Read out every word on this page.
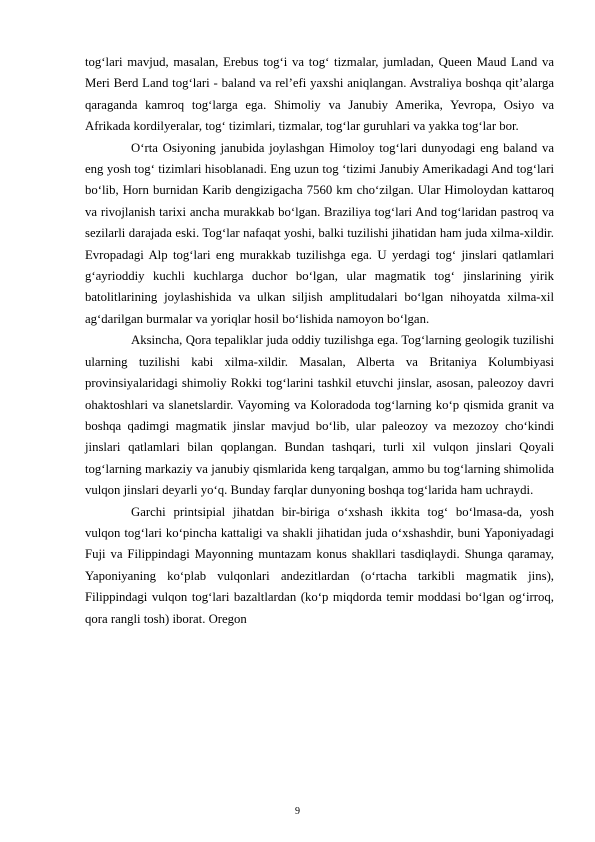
tog‘lari mavjud, masalan, Erebus tog‘i va tog‘ tizmalar, jumladan, Queen Maud Land va Meri Berd Land tog‘lari - baland va rel’efi yaxshi aniqlangan. Avstraliya boshqa qit’alarga qaraganda kamroq tog‘larga ega. Shimoliy va Janubiy Amerika, Yevropa, Osiyo va Afrikada kordilyeralar, tog‘ tizimlari, tizmalar, tog‘lar guruhlari va yakka tog‘lar bor.

O‘rta Osiyoning janubida joylashgan Himoloy tog‘lari dunyodagi eng baland va eng yosh tog‘ tizimlari hisoblanadi. Eng uzun tog ‘tizimi Janubiy Amerikadagi And tog‘lari bo‘lib, Horn burnidan Karib dengizigacha 7560 km cho‘zilgan. Ular Himoloydan kattaroq va rivojlanish tarixi ancha murakkab bo‘lgan. Braziliya tog‘lari And tog‘laridan pastroq va sezilarli darajada eski. Tog‘lar nafaqat yoshi, balki tuzilishi jihatidan ham juda xilma-xildir. Evropadagi Alp tog‘lari eng murakkab tuzilishga ega. U yerdagi tog‘ jinslari qatlamlari g‘ayrioddiy kuchli kuchlarga duchor bo‘lgan, ular magmatik tog‘ jinslarining yirik batolitlarining joylashishida va ulkan siljish amplitudalari bo‘lgan nihoyatda xilma-xil ag‘darilgan burmalar va yoriqlar hosil bo‘lishida namoyon bo‘lgan.

Aksincha, Qora tepaliklar juda oddiy tuzilishga ega. Tog‘larning geologik tuzilishi ularning tuzilishi kabi xilma-xildir. Masalan, Alberta va Britaniya Kolumbiyasi provinsiyalaridagi shimoliy Rokki tog‘larini tashkil etuvchi jinslar, asosan, paleozoy davri ohaktoshlari va slanetslardir. Vayoming va Koloradoda tog‘larning ko‘p qismida granit va boshqa qadimgi magmatik jinslar mavjud bo‘lib, ular paleozoy va mezozoy cho‘kindi jinslari qatlamlari bilan qoplangan. Bundan tashqari, turli xil vulqon jinslari Qoyali tog‘larning markaziy va janubiy qismlarida keng tarqalgan, ammo bu tog‘larning shimolida vulqon jinslari deyarli yo‘q. Bunday farqlar dunyoning boshqa tog‘larida ham uchraydi.

Garchi printsipial jihatdan bir-biriga o‘xshash ikkita tog‘ bo‘lmasa-da, yosh vulqon tog‘lari ko‘pincha kattaligi va shakli jihatidan juda o‘xshashdir, buni Yaponiyadagi Fuji va Filippindagi Mayonning muntazam konus shakllari tasdiqlaydi. Shunga qaramay, Yaponiyaning ko‘plab vulqonlari andezitlardan (o‘rtacha tarkibli magmatik jins), Filippindagi vulqon tog‘lari bazaltlardan (ko‘p miqdorda temir moddasi bo‘lgan og‘irroq, qora rangli tosh) iborat. Oregon

9
